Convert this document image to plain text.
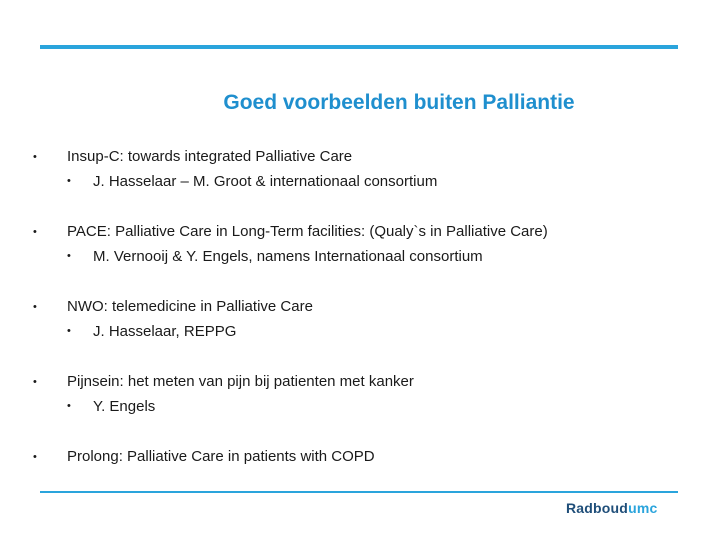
Goed voorbeelden buiten Palliantie
• Insup-C: towards integrated Palliative Care
• J. Hasselaar – M. Groot & internationaal consortium
• PACE: Palliative Care in Long-Term facilities: (Qualy`s in Palliative Care)
• M. Vernooij & Y. Engels, namens Internationaal consortium
• NWO: telemedicine in Palliative Care
• J. Hasselaar, REPPG
• Pijnsein: het meten van pijn bij patienten met kanker
• Y. Engels
• Prolong: Palliative Care in patients with COPD
Radboudumc
